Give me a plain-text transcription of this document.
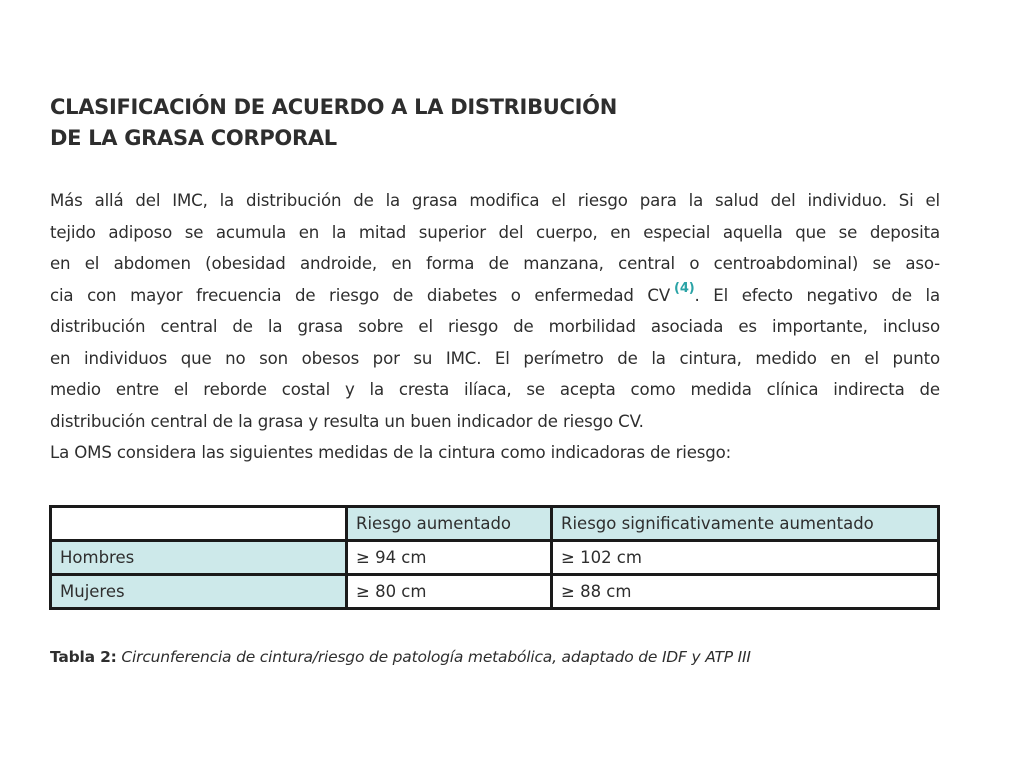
CLASIFICACIÓN DE ACUERDO A LA DISTRIBUCIÓN
DE LA GRASA CORPORAL
Más allá del IMC, la distribución de la grasa modifica el riesgo para la salud del individuo. Si el
tejido adiposo se acumula en la mitad superior del cuerpo, en especial aquella que se deposita
en el abdomen (obesidad androide, en forma de manzana, central o centroabdominal) se aso-
cia con mayor frecuencia de riesgo de diabetes o enfermedad CV $^{(4)}$. El efecto negativo de la
distribución central de la grasa sobre el riesgo de morbilidad asociada es importante, incluso
en individuos que no son obesos por su IMC. El perímetro de la cintura, medido en el punto
medio entre el reborde costal y la cresta ilíaca, se acepta como medida clínica indirecta de
distribución central de la grasa y resulta un buen indicador de riesgo CV.
La OMS considera las siguientes medidas de la cintura como indicadoras de riesgo:
	Riesgo aumentado	Riesgo significativamente aumentado
Hombres	≥ 94 cm	≥ 102 cm
Mujeres	≥ 80 cm	≥ 88 cm
Tabla 2: Circunferencia de cintura/riesgo de patología metabólica, adaptado de IDF y ATP III
